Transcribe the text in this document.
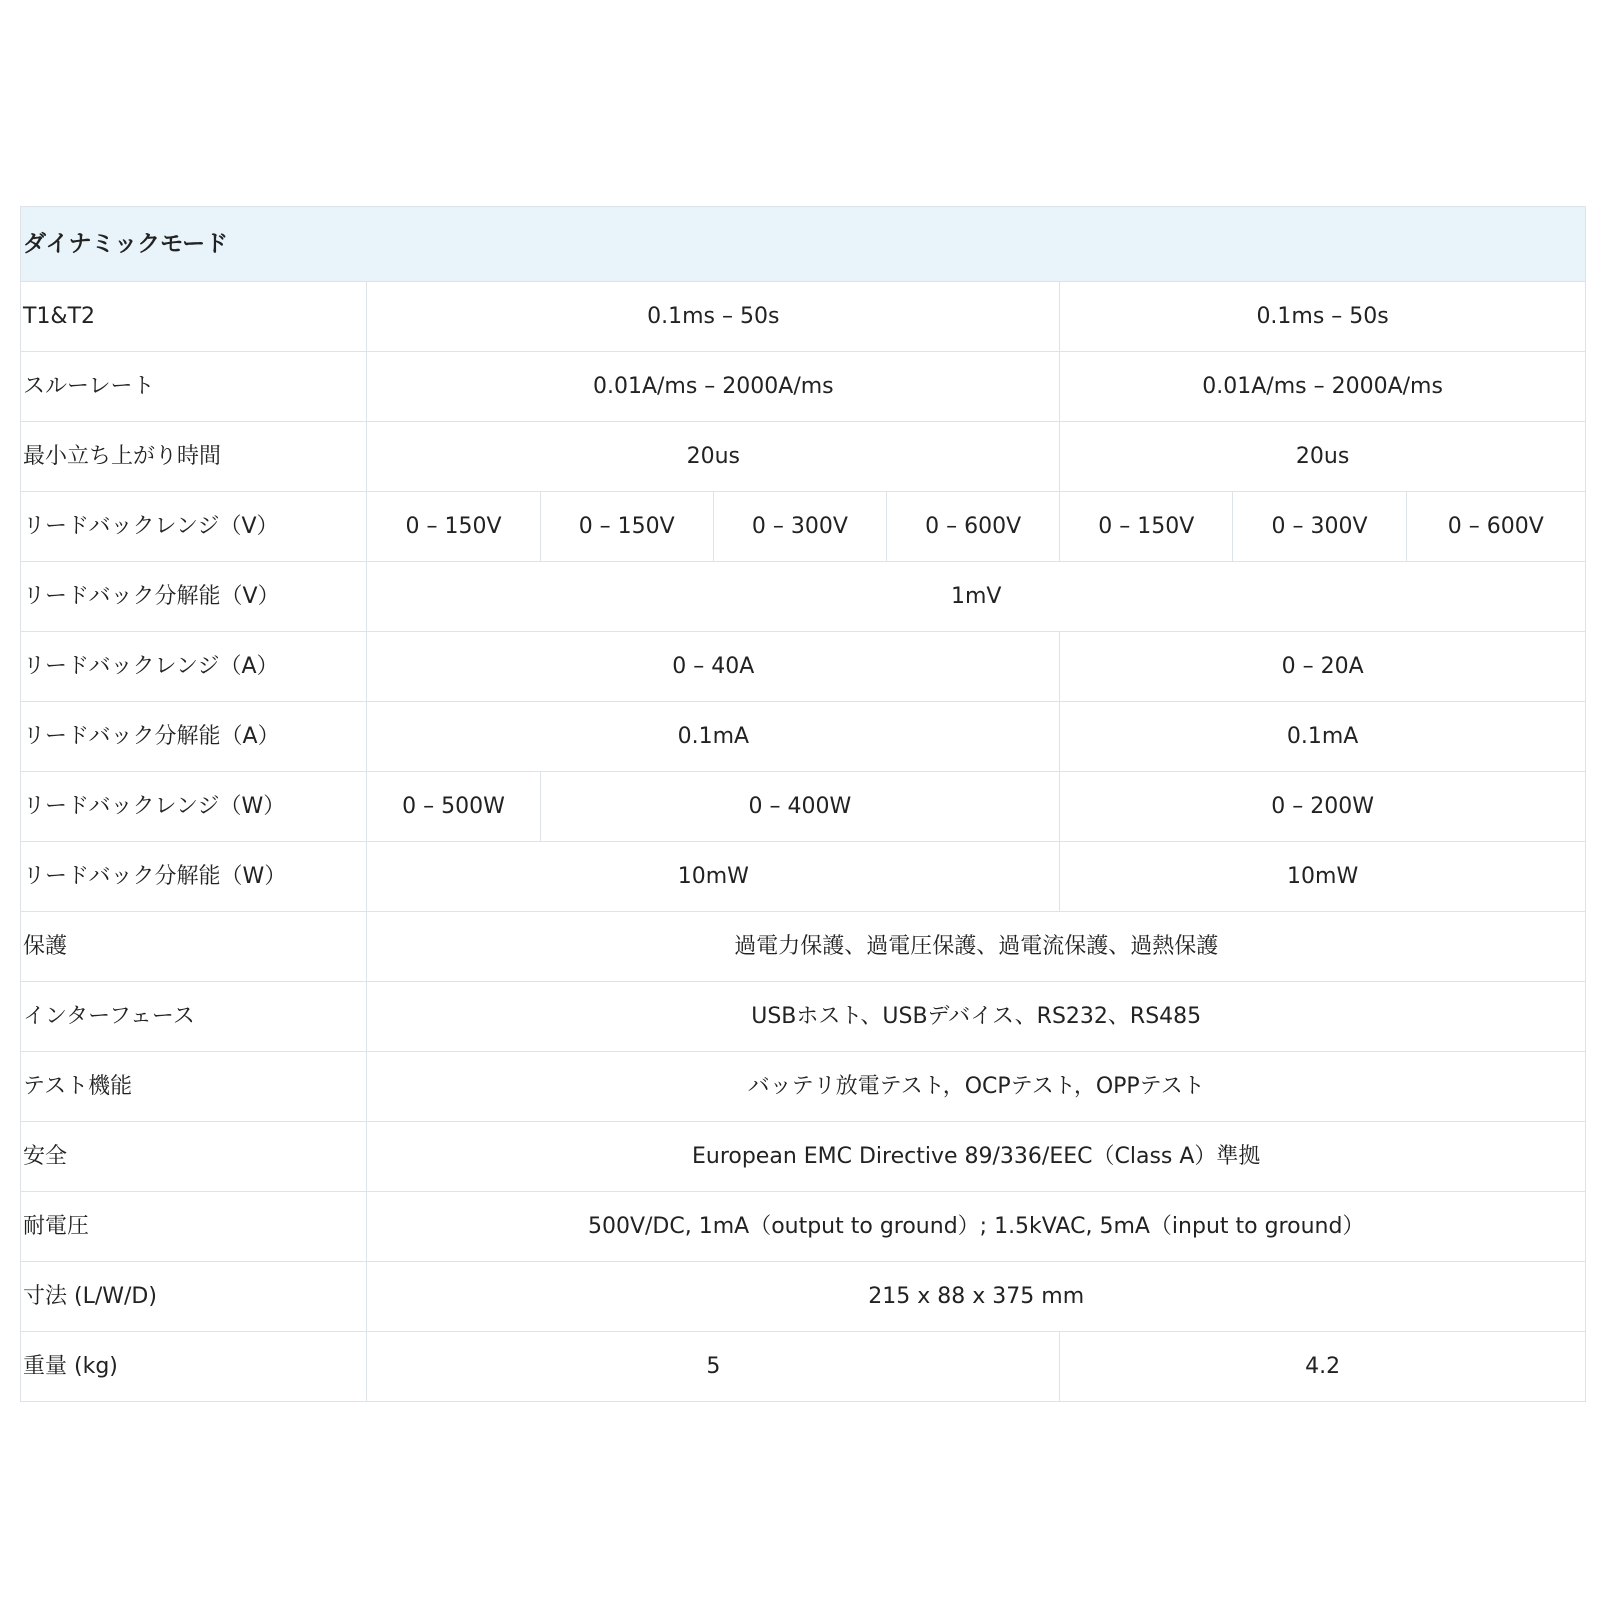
ダイナミックモード							
T1&T2	0.1ms – 50s				0.1ms – 50s		
スルーレート	0.01A/ms – 2000A/ms				0.01A/ms – 2000A/ms		
最小立ち上がり時間	20us				20us		
リードバックレンジ（V）	0 – 150V	0 – 150V	0 – 300V	0 – 600V	0 – 150V	0 – 300V	0 – 600V
リードバック分解能（V）	1mV						
リードバックレンジ（A）	0 – 40A				0 – 20A		
リードバック分解能（A）	0.1mA				0.1mA		
リードバックレンジ（W）	0 – 500W	0 – 400W			0 – 200W		
リードバック分解能（W）	10mW				10mW		
保護	過電力保護、過電圧保護、過電流保護、過熱保護						
インターフェース	USBホスト、USBデバイス、RS232、RS485						
テスト機能	バッテリ放電テスト，OCPテスト，OPPテスト						
安全	European EMC Directive 89/336/EEC（Class A）準拠						
耐電圧	500V/DC, 1mA（output to ground）; 1.5kVAC, 5mA（input to ground）						
寸法 (L/W/D)	215 x 88 x 375 mm						
重量 (kg)	5				4.2		
